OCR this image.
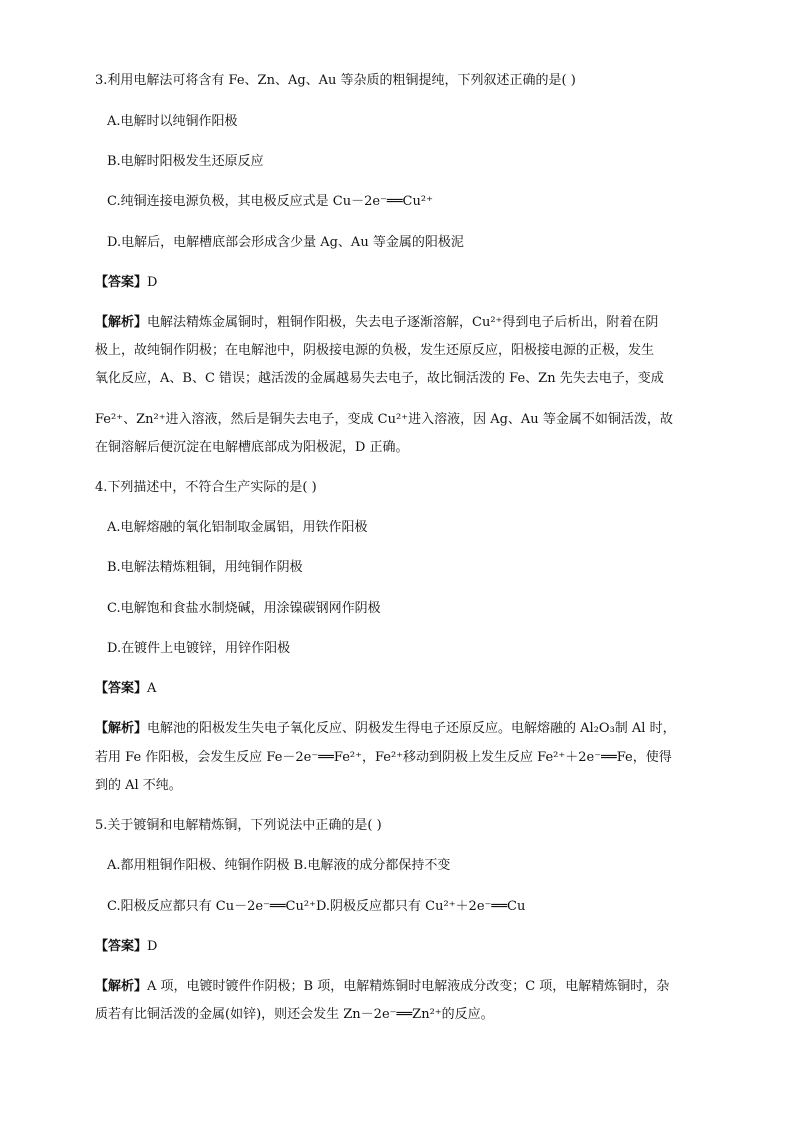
3.利用电解法可将含有 Fe、Zn、Ag、Au 等杂质的粗铜提纯，下列叙述正确的是( )
A.电解时以纯铜作阳极
B.电解时阳极发生还原反应
C.纯铜连接电源负极，其电极反应式是 Cu－2e⁻══Cu²⁺
D.电解后，电解槽底部会形成含少量 Ag、Au 等金属的阳极泥
【答案】D
【解析】电解法精炼金属铜时，粗铜作阳极，失去电子逐渐溶解，Cu²⁺得到电子后析出，附着在阴
极上，故纯铜作阴极；在电解池中，阴极接电源的负极，发生还原反应，阳极接电源的正极，发生
氧化反应，A、B、C 错误；越活泼的金属越易失去电子，故比铜活泼的 Fe、Zn 先失去电子，变成
Fe²⁺、Zn²⁺进入溶液，然后是铜失去电子，变成 Cu²⁺进入溶液，因 Ag、Au 等金属不如铜活泼，故
在铜溶解后便沉淀在电解槽底部成为阳极泥，D 正确。
4.下列描述中，不符合生产实际的是( )
A.电解熔融的氧化铝制取金属铝，用铁作阳极
B.电解法精炼粗铜，用纯铜作阴极
C.电解饱和食盐水制烧碱，用涂镍碳钢网作阴极
D.在镀件上电镀锌，用锌作阳极
【答案】A
【解析】电解池的阳极发生失电子氧化反应、阴极发生得电子还原反应。电解熔融的 Al₂O₃制 Al 时，
若用 Fe 作阳极，会发生反应 Fe－2e⁻══Fe²⁺，Fe²⁺移动到阴极上发生反应 Fe²⁺＋2e⁻══Fe，使得
到的 Al 不纯。
5.关于镀铜和电解精炼铜，下列说法中正确的是( )
A.都用粗铜作阳极、纯铜作阴极 B.电解液的成分都保持不变
C.阳极反应都只有 Cu－2e⁻══Cu²⁺D.阴极反应都只有 Cu²⁺＋2e⁻══Cu
【答案】D
【解析】A 项，电镀时镀件作阴极；B 项，电解精炼铜时电解液成分改变；C 项，电解精炼铜时，杂
质若有比铜活泼的金属(如锌)，则还会发生 Zn－2e⁻══Zn²⁺的反应。
